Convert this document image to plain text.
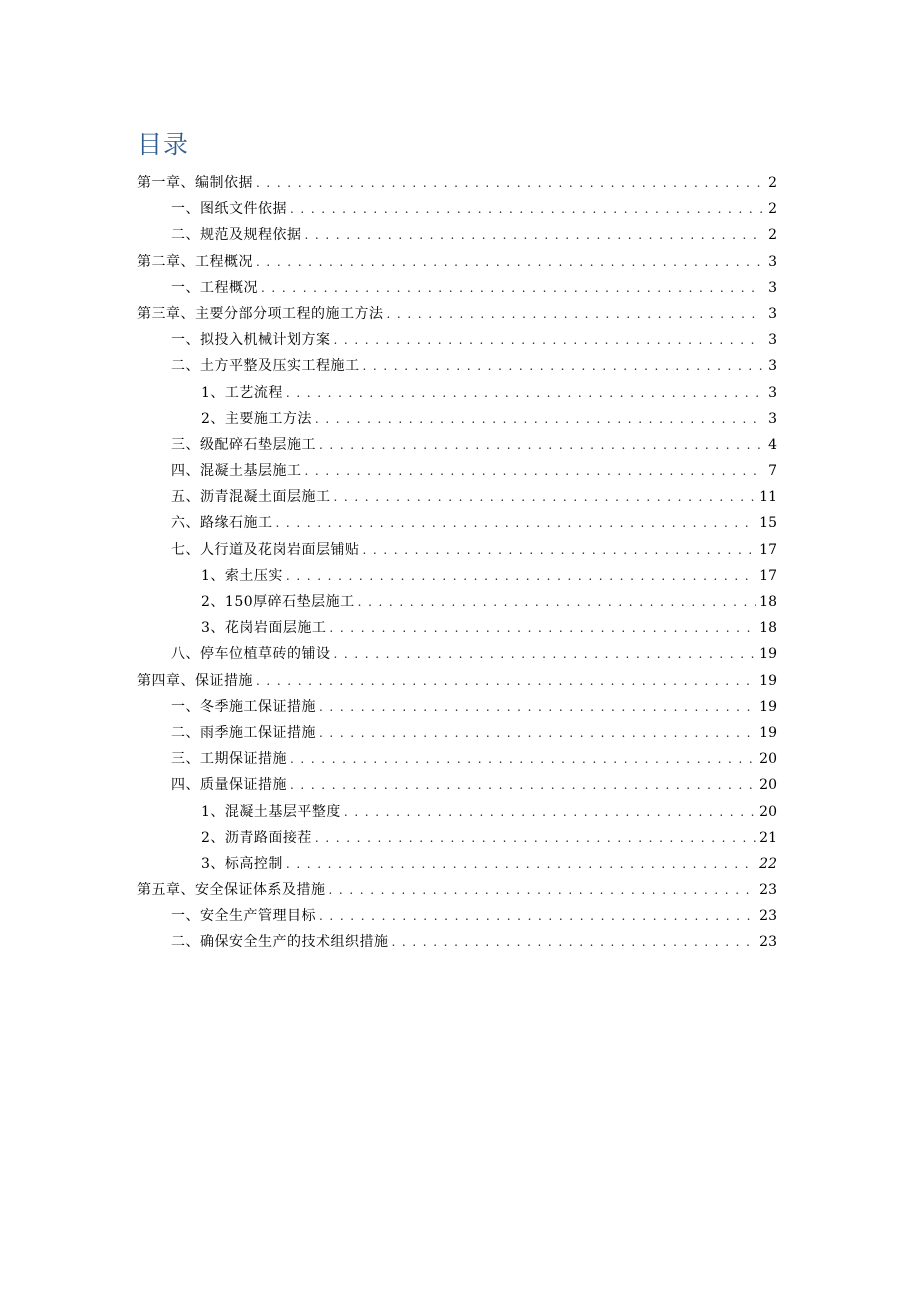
目录
第一章、编制依据 . . .	2
一、图纸文件依据 . . .	2
二、规范及规程依据 . . .	2
第二章、工程概况 . . .	3
一、工程概况 . . .	3
第三章、主要分部分项工程的施工方法 . . .	3
一、拟投入机械计划方案 . . .	3
二、土方平整及压实工程施工 . . .	3
1、工艺流程 . . .	3
2、主要施工方法 . . .	3
三、级配碎石垫层施工 . . .	4
四、混凝土基层施工 . . .	7
五、沥青混凝土面层施工 . . .	11
六、路缘石施工 . . .	15
七、人行道及花岗岩面层铺贴 . . .	17
1、索土压实 . . .	17
2、150厚碎石垫层施工 . . .	18
3、花岗岩面层施工 . . .	18
八、停车位植草砖的铺设 . . .	19
第四章、保证措施 . . .	19
一、冬季施工保证措施 . . .	19
二、雨季施工保证措施 . . .	19
三、工期保证措施 . . .	20
四、质量保证措施 . . .	20
1、混凝土基层平整度 . . .	20
2、沥青路面接茬 . . .	21
3、标高控制 . . .	22
第五章、安全保证体系及措施 . . .	23
一、安全生产管理目标 . . .	23
二、确保安全生产的技术组织措施 . . .	23
